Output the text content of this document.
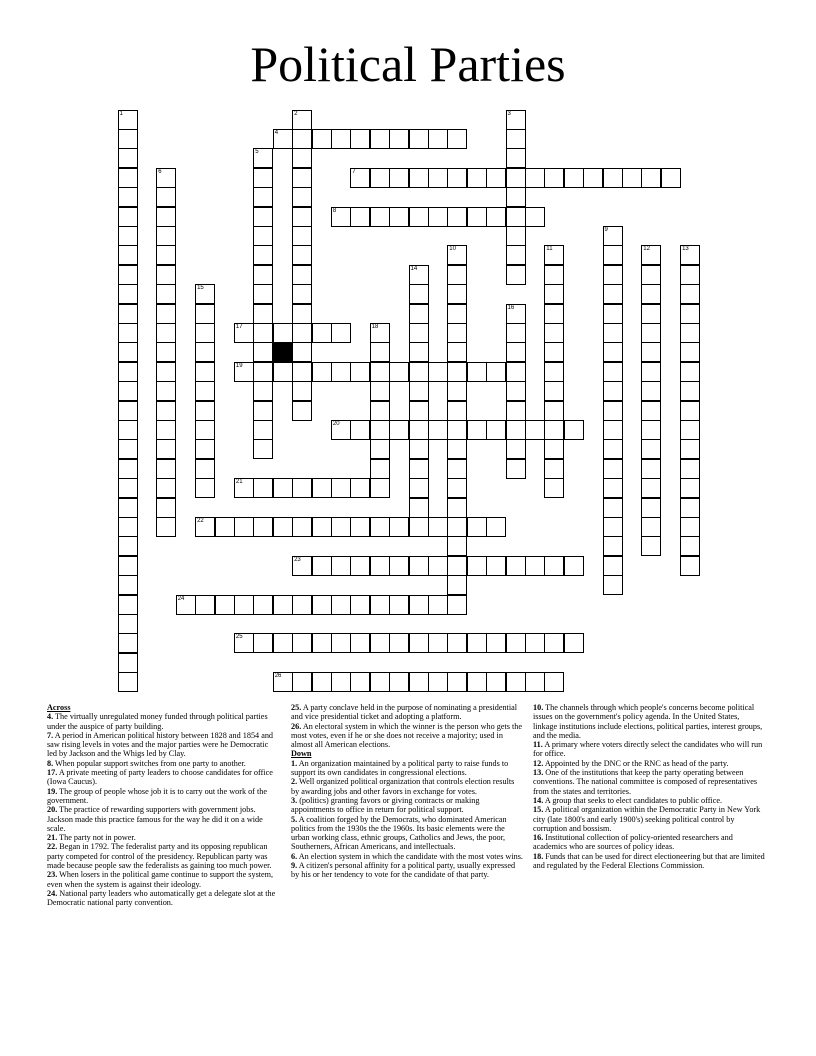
Political Parties
1	2	3
4
5
6	7
8
9
10	11	12	13
14
15
16
17	18
19
20
21
22
23
24
25
26
Across
4. The virtually unregulated money funded through political parties under the auspice of party building.
7. A period in American political history between 1828 and 1854 and saw rising levels in votes and the major parties were he Democratic led by Jackson and the Whigs led by Clay.
8. When popular support switches from one party to another.
17. A private meeting of party leaders to choose candidates for office (Iowa Caucus).
19. The group of people whose job it is to carry out the work of the government.
20. The practice of rewarding supporters with government jobs. Jackson made this practice famous for the way he did it on a wide scale.
21. The party not in power.
22. Began in 1792. The federalist party and its opposing republican party competed for control of the presidency. Republican party was made because people saw the federalists as gaining too much power.
23. When losers in the political game continue to support the system, even when the system is against their ideology.
24. National party leaders who automatically get a delegate slot at the Democratic national party convention.
25. A party conclave held in the purpose of nominating a presidential and vice presidential ticket and adopting a platform.
26. An electoral system in which the winner is the person who gets the most votes, even if he or she does not receive a majority; used in almost all American elections.
Down
1. An organization maintained by a political party to raise funds to support its own candidates in congressional elections.
2. Well organized political organization that controls election results by awarding jobs and other favors in exchange for votes.
3. (politics) granting favors or giving contracts or making appointments to office in return for political support.
5. A coalition forged by the Democrats, who dominated American politics from the 1930s the the 1960s. Its basic elements were the urban working class, ethnic groups, Catholics and Jews, the poor, Southerners, African Americans, and intellectuals.
6. An election system in which the candidate with the most votes wins.
9. A citizen's personal affinity for a political party, usually expressed by his or her tendency to vote for the candidate of that party.
10. The channels through which people's concerns become political issues on the government's policy agenda. In the United States, linkage institutions include elections, political parties, interest groups, and the media.
11. A primary where voters directly select the candidates who will run for office.
12. Appointed by the DNC or the RNC as head of the party.
13. One of the institutions that keep the party operating between conventions. The national committee is composed of representatives from the states and territories.
14. A group that seeks to elect candidates to public office.
15. A political organization within the Democratic Party in New York city (late 1800's and early 1900's) seeking political control by corruption and bossism.
16. Institutional collection of policy-oriented researchers and academics who are sources of policy ideas.
18. Funds that can be used for direct electioneering but that are limited and regulated by the Federal Elections Commission.
